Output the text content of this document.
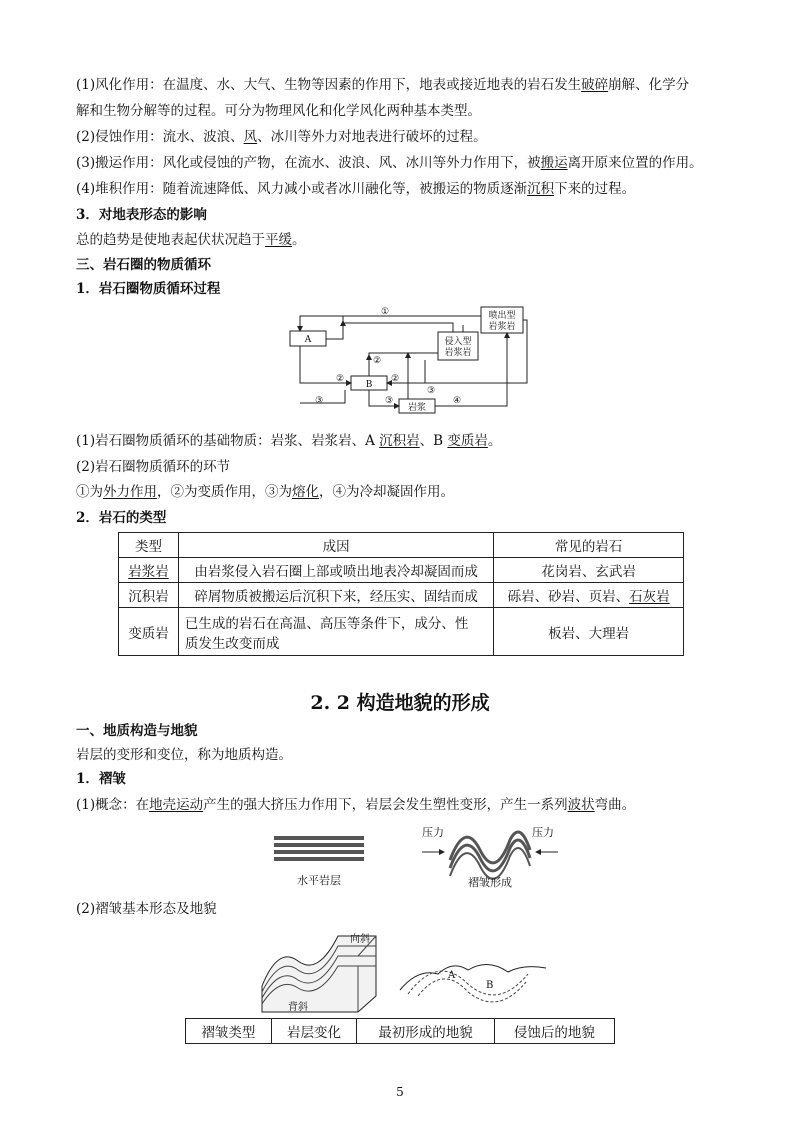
(1)风化作用：在温度、水、大气、生物等因素的作用下，地表或接近地表的岩石发生破碎崩解、化学分
解和生物分解等的过程。可分为物理风化和化学风化两种基本类型。
(2)侵蚀作用：流水、波浪、风、冰川等外力对地表进行破坏的过程。
(3)搬运作用：风化或侵蚀的产物，在流水、波浪、风、冰川等外力作用下，被搬运离开原来位置的作用。
(4)堆积作用：随着流速降低、风力减小或者冰川融化等，被搬运的物质逐渐沉积下来的过程。
3．对地表形态的影响
总的趋势是使地表起伏状况趋于平缓。
三、岩石圈的物质循环
1．岩石圈物质循环过程
A
B
岩浆
侵入型
岩浆岩
喷出型
岩浆岩
①
②
②	②
③	③
③
④
(1)岩石圈物质循环的基础物质：岩浆、岩浆岩、A 沉积岩、B 变质岩。
(2)岩石圈物质循环的环节
①为外力作用，②为变质作用，③为熔化，④为冷却凝固作用。
2．岩石的类型
类型	成因	常见的岩石
岩浆岩	由岩浆侵入岩石圈上部或喷出地表冷却凝固而成	花岗岩、玄武岩
沉积岩	碎屑物质被搬运后沉积下来，经压实、固结而成	砾岩、砂岩、页岩、石灰岩
变质岩	已生成的岩石在高温、高压等条件下，成分、性
质发生改变而成	板岩、大理岩
2. 2 构造地貌的形成
一、地质构造与地貌
岩层的变形和变位，称为地质构造。
1．褶皱
(1)概念：在地壳运动产生的强大挤压力作用下，岩层会发生塑性变形，产生一系列波状弯曲。
水平岩层
压力	压力
褶皱形成
(2)褶皱基本形态及地貌
向斜
背斜
A
B
褶皱类型	岩层变化	最初形成的地貌	侵蚀后的地貌
5
